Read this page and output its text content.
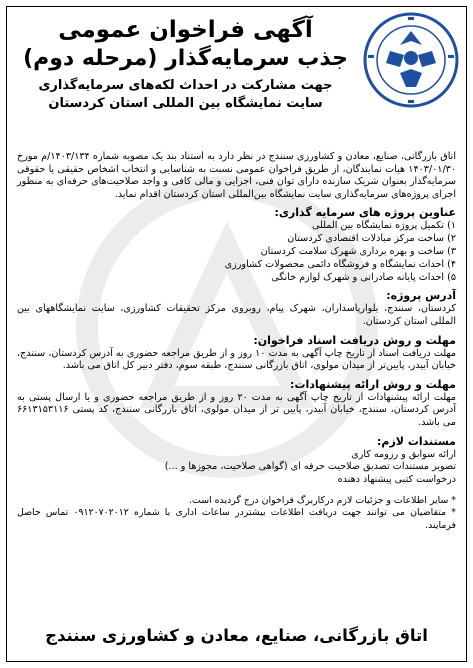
آگهی فراخوان عمومی
جذب سرمایه‌گذار (مرحله دوم)
جهت مشارکت در احداث لکه‌های سرمایه‌گذاری
سایت نمایشگاه بین المللی استان کردستان

اتاق بازرگانی، صنایع، معادن و کشاورزی سنندج در نظر دارد به استناد بند یک مصوبه شماره ۱۴۰۳/۱۳۴/م مورخ ۱۴۰۳/۰۱/۳۰ هیات نمایندگان، از طریق فراخوان عمومی نسبت به شناسایی و انتخاب اشخاص حقیقی یا حقوقی سرمایه‌گذار بعنوان شریک سازنده دارای توان فنی، اجرایی و مالی کافی و واجد صلاحیت‌های حرفه‌ای به منظور اجرای پروژه‌های سرمایه‌گذاری سایت نمایشگاه بین‌المللی استان کردستان اقدام نماید.

عناوین پروژه های سرمایه گذاری:
۱) تکمیل پروژه نمایشگاه بین المللی
۲) ساخت مرکز مبادلات اقتصادی کردستان
۳) ساخت و بهره برداری شهرک سلامت کردستان
۴) احداث نمایشگاه و فروشگاه دائمی محصولات کشاورزی
۵) احداث پایانه صادراتی و شهرک لوازم خانگی
آدرس پروژه:

کردستان، سنندج، بلوارپاسداران، شهرک پیام، روبروی مرکز تحقیقات کشاورزی، سایت نمایشگاههای بین المللی استان کردستان.

مهلت و روش دریافت اسناد فراخوان:

مهلت دریافت اسناد از تاریخ چاپ آگهی به مدت ۱۰ روز و از طریق مراجعه حضوری به آدرس کردستان، سنندج، خیابان آبیدر، پایین‌تر از میدان مولوی، اتاق بازرگانی سنندج، طبقه سوم، دفتر دبیر کل اتاق می باشد.

مهلت و روش ارائه پیشنهادات:

مهلت ارائه پیشنهادات از تاریخ چاپ آگهی به مدت ۲۰ روز و از طریق مراجعه حضوری و یا ارسال پستی به آدرس کردستان، سنندج، خیابان آبیدر، پایین تر از میدان مولوی، اتاق بازرگانی سنندج، کد پستی ۶۶۱۳۱۵۳۱۱۶ می باشد.

مستندات لازم:
ارائه سوابق و رزومه کاری
تصویر مستندات تصدیق صلاحیت حرفه ای (گواهی صلاحیت، مجوزها و ...)
درخواست کتبی پیشنهاد دهنده
* سایر اطلاعات و جزئیات لازم درکاربرگ فراخوان درج گردیده است.
* متقاضیان می توانند جهت دریافت اطلاعات بیشتردر ساعات اداری با شماره ۰۹۱۲۰۷۰۲۰۱۲ تماس حاصل فرمایند.
اتاق بازرگانی، صنایع، معادن و کشاورزی سنندج
